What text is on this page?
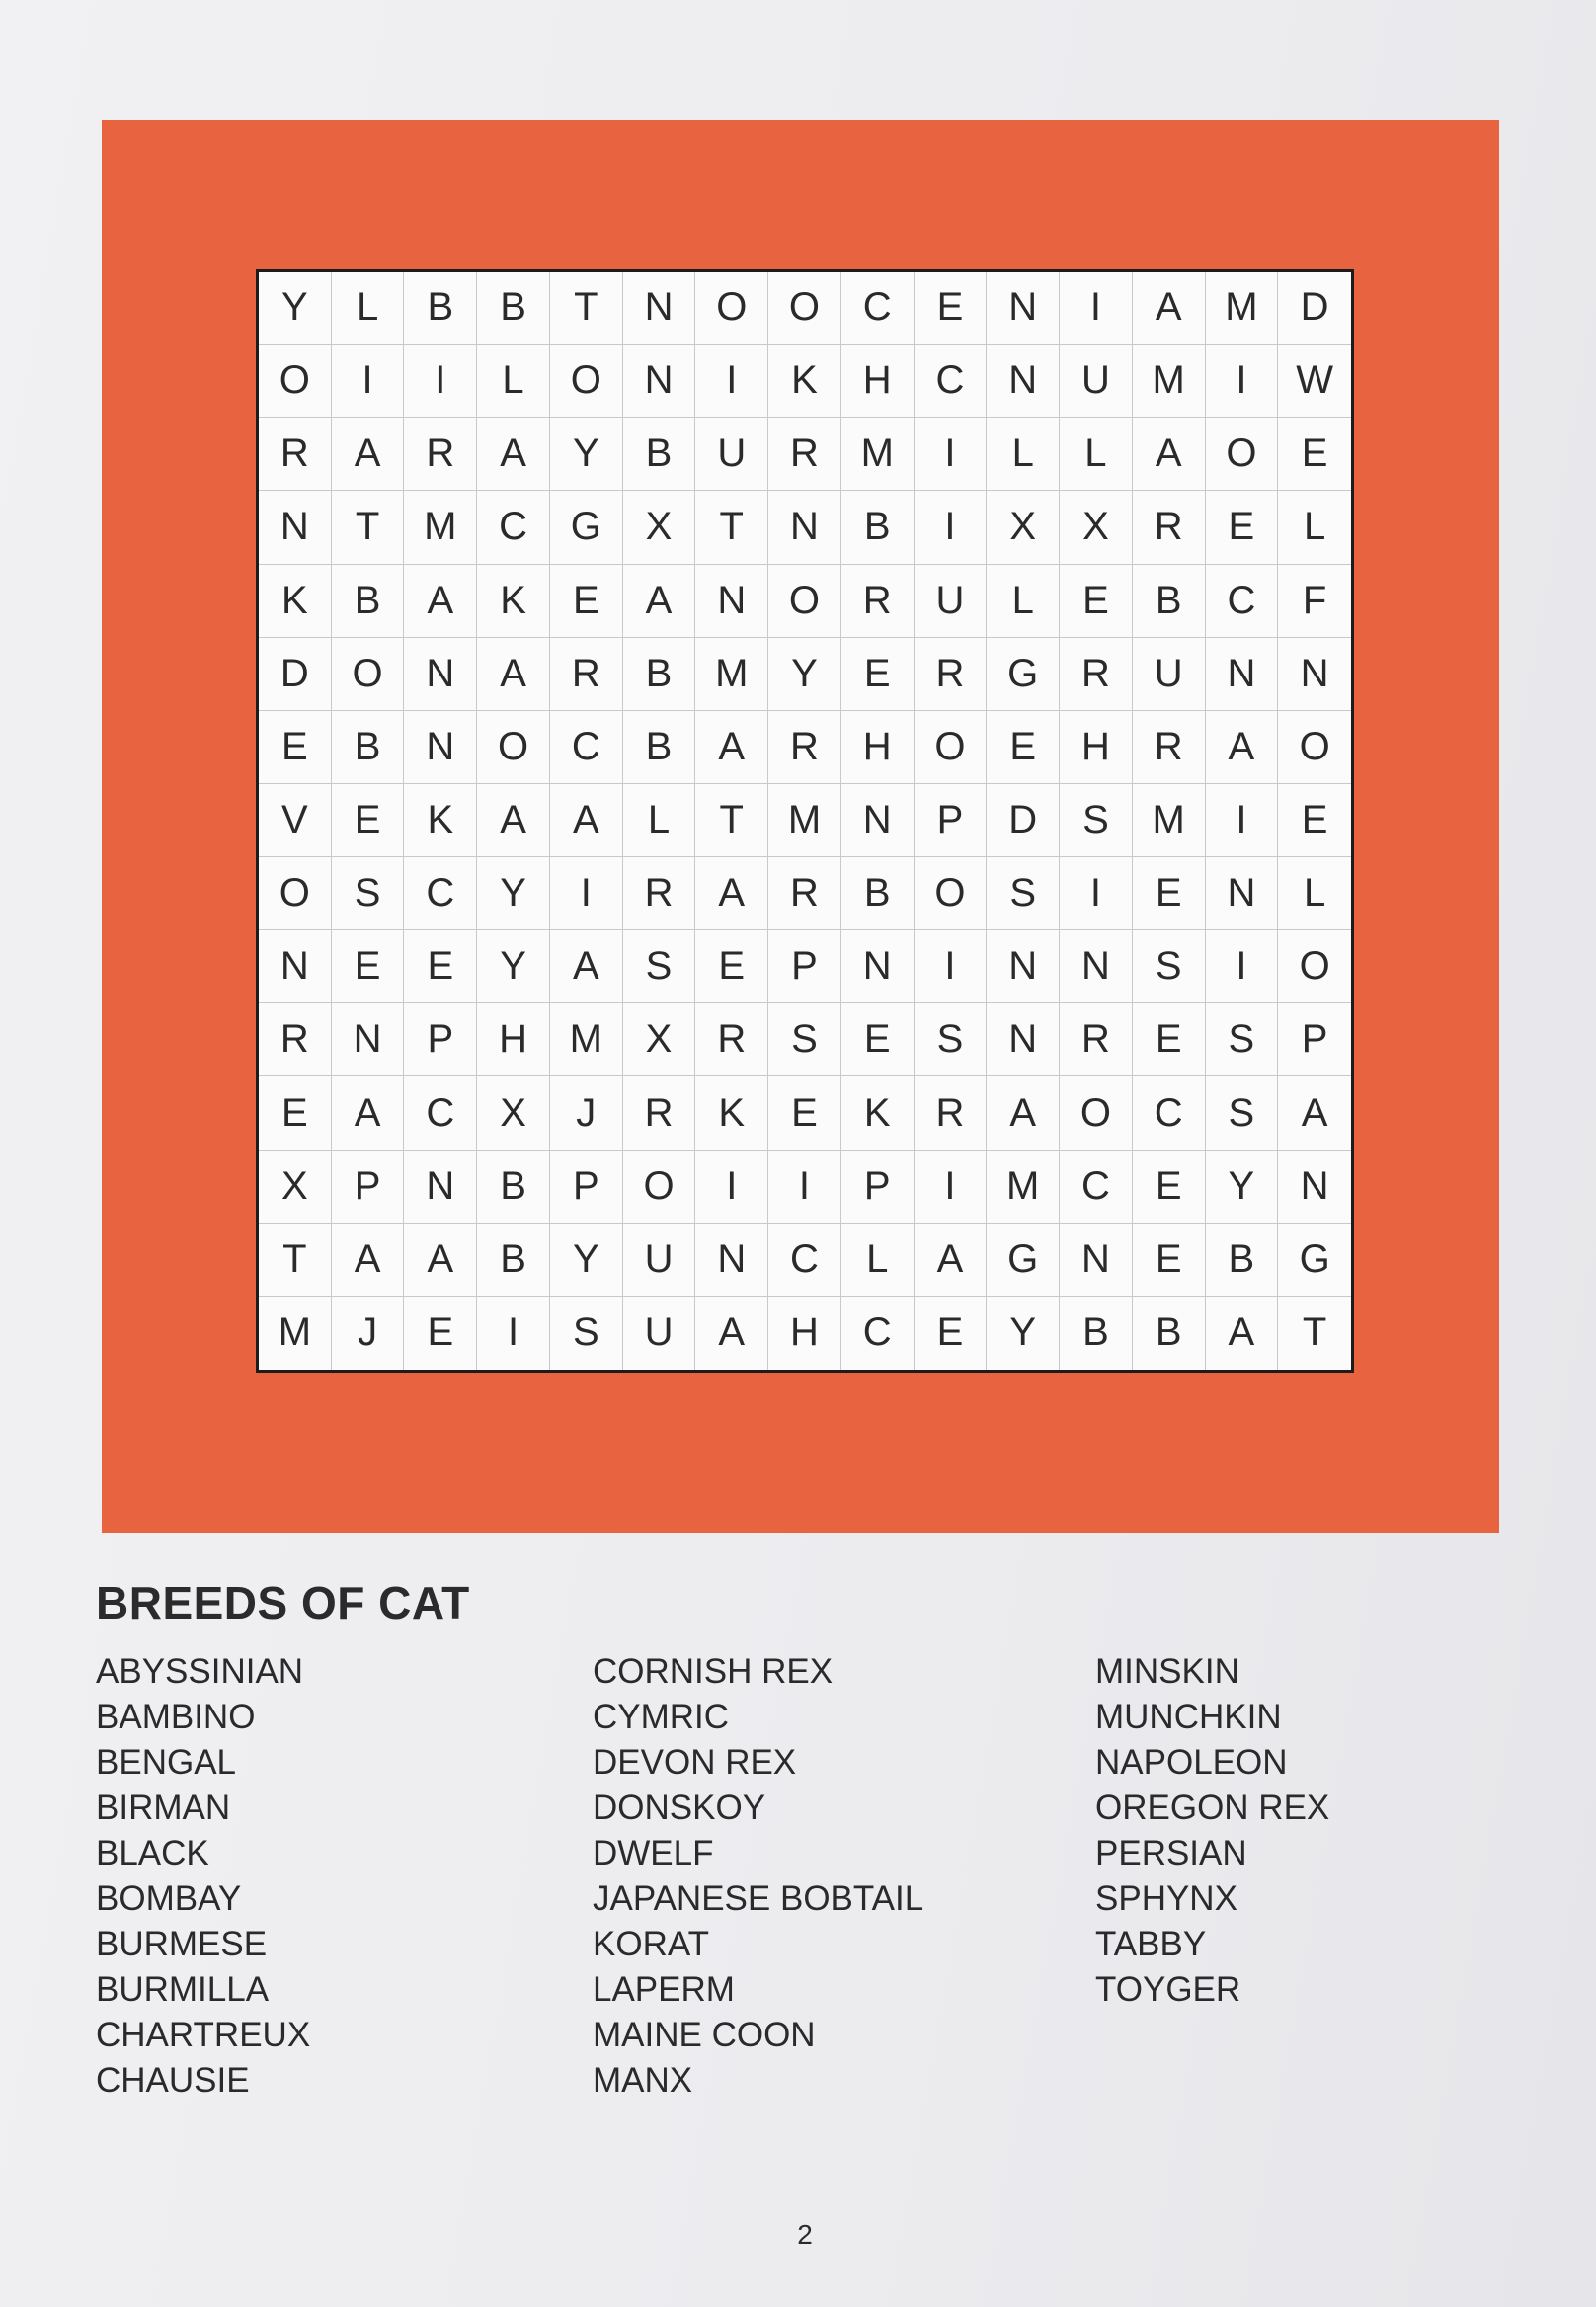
Y	L	B	B	T	N	O	O	C	E	N	I	A	M	D
O	I	I	L	O	N	I	K	H	C	N	U	M	I	W
R	A	R	A	Y	B	U	R	M	I	L	L	A	O	E
N	T	M	C	G	X	T	N	B	I	X	X	R	E	L
K	B	A	K	E	A	N	O	R	U	L	E	B	C	F
D	O	N	A	R	B	M	Y	E	R	G	R	U	N	N
E	B	N	O	C	B	A	R	H	O	E	H	R	A	O
V	E	K	A	A	L	T	M	N	P	D	S	M	I	E
O	S	C	Y	I	R	A	R	B	O	S	I	E	N	L
N	E	E	Y	A	S	E	P	N	I	N	N	S	I	O
R	N	P	H	M	X	R	S	E	S	N	R	E	S	P
E	A	C	X	J	R	K	E	K	R	A	O	C	S	A
X	P	N	B	P	O	I	I	P	I	M	C	E	Y	N
T	A	A	B	Y	U	N	C	L	A	G	N	E	B	G
M	J	E	I	S	U	A	H	C	E	Y	B	B	A	T
BREEDS OF CAT
ABYSSINIAN
BAMBINO
BENGAL
BIRMAN
BLACK
BOMBAY
BURMESE
BURMILLA
CHARTREUX
CHAUSIE
CORNISH REX
CYMRIC
DEVON REX
DONSKOY
DWELF
JAPANESE BOBTAIL
KORAT
LAPERM
MAINE COON
MANX
MINSKIN
MUNCHKIN
NAPOLEON
OREGON REX
PERSIAN
SPHYNX
TABBY
TOYGER
2
